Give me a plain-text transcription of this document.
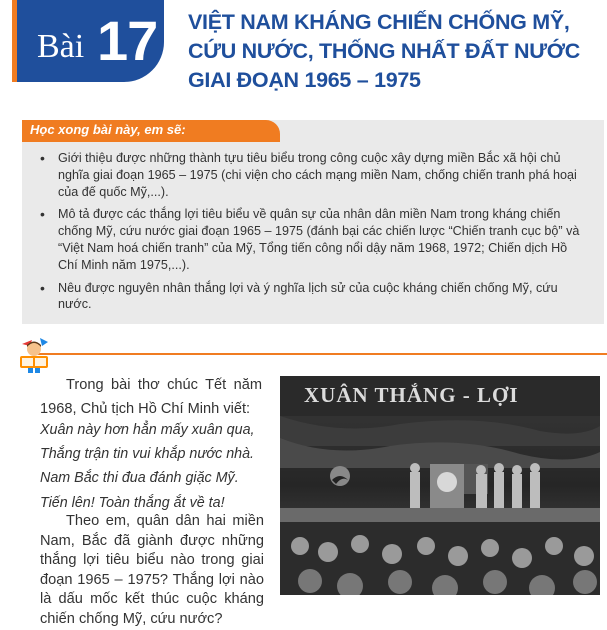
Bài 17 VIỆT NAM KHÁNG CHIẾN CHỐNG MỸ,
CỨU NƯỚC, THỐNG NHẤT ĐẤT NƯỚC
GIAI ĐOẠN 1965 – 1975
Học xong bài này, em sẽ:
• Giới thiệu được những thành tựu tiêu biểu trong công cuộc xây dựng miền Bắc xã hội chủ nghĩa giai đoạn 1965 – 1975 (chi viện cho cách mạng miền Nam, chống chiến tranh phá hoại của đế quốc Mỹ,...).
• Mô tả được các thắng lợi tiêu biểu về quân sự của nhân dân miền Nam trong kháng chiến chống Mỹ, cứu nước giai đoạn 1965 – 1975 (đánh bại các chiến lược “Chiến tranh cục bộ” và “Việt Nam hoá chiến tranh” của Mỹ, Tổng tiến công nổi dậy năm 1968, 1972; Chiến dịch Hồ Chí Minh năm 1975,...).
• Nêu được nguyên nhân thắng lợi và ý nghĩa lịch sử của cuộc kháng chiến chống Mỹ, cứu nước.

Trong bài thơ chúc Tết năm 1968, Chủ tịch Hồ Chí Minh viết:

Xuân này hơn hẳn mấy xuân qua,
Thắng trận tin vui khắp nước nhà.
Nam Bắc thi đua đánh giặc Mỹ.
Tiến lên! Toàn thắng ắt về ta!

Theo em, quân dân hai miền Nam, Bắc đã giành được những thắng lợi tiêu biểu nào trong giai đoạn 1965 – 1975? Thắng lợi nào là dấu mốc kết thúc cuộc kháng chiến chống Mỹ, cứu nước?

XUÂN THẮNG - LỢI
